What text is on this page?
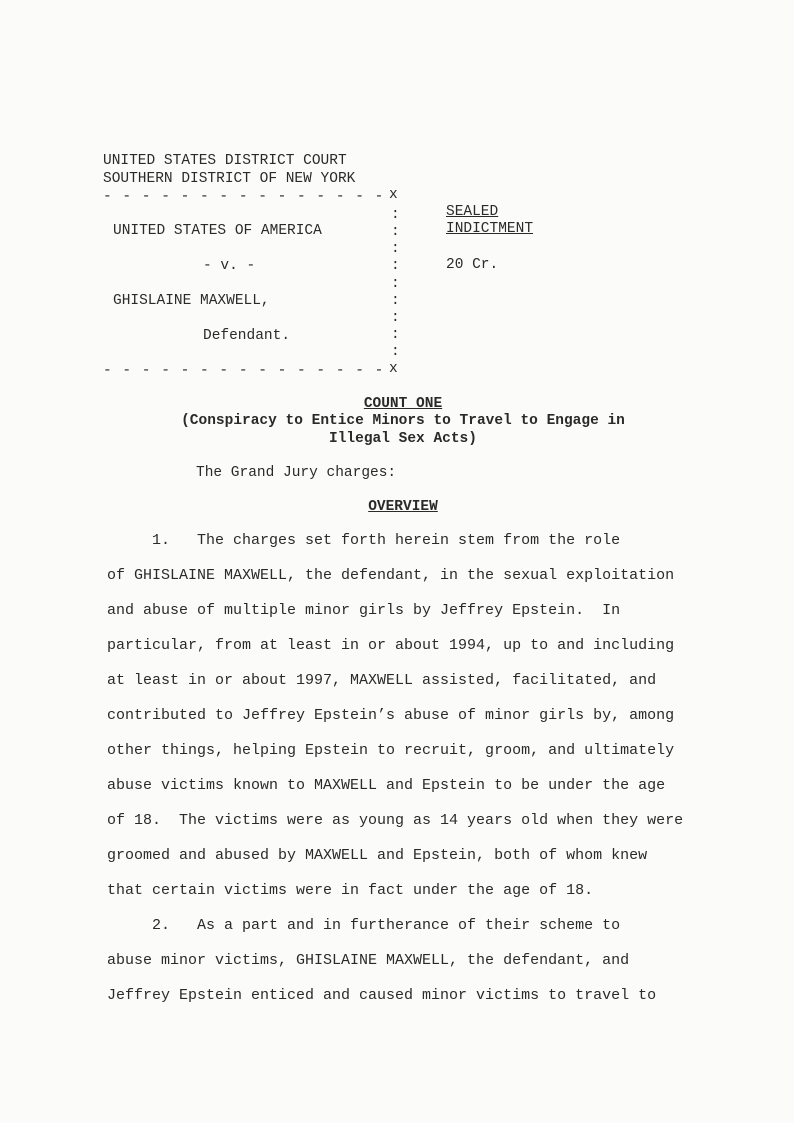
UNITED STATES DISTRICT COURT
SOUTHERN DISTRICT OF NEW YORK
- - - - - - - - - - - - - - - x
:
:
:
:
:
:
:
:
:
UNITED STATES OF AMERICA
- v. -
GHISLAINE MAXWELL,
Defendant.
SEALED
INDICTMENT
20 Cr.
- - - - - - - - - - - - - - - x
COUNT ONE
(Conspiracy to Entice Minors to Travel to Engage in
Illegal Sex Acts)
The Grand Jury charges:
OVERVIEW
1.   The charges set forth herein stem from the role
of GHISLAINE MAXWELL, the defendant, in the sexual exploitation
and abuse of multiple minor girls by Jeffrey Epstein.  In
particular, from at least in or about 1994, up to and including
at least in or about 1997, MAXWELL assisted, facilitated, and
contributed to Jeffrey Epstein’s abuse of minor girls by, among
other things, helping Epstein to recruit, groom, and ultimately
abuse victims known to MAXWELL and Epstein to be under the age
of 18.  The victims were as young as 14 years old when they were
groomed and abused by MAXWELL and Epstein, both of whom knew
that certain victims were in fact under the age of 18.
2.   As a part and in furtherance of their scheme to
abuse minor victims, GHISLAINE MAXWELL, the defendant, and
Jeffrey Epstein enticed and caused minor victims to travel to
